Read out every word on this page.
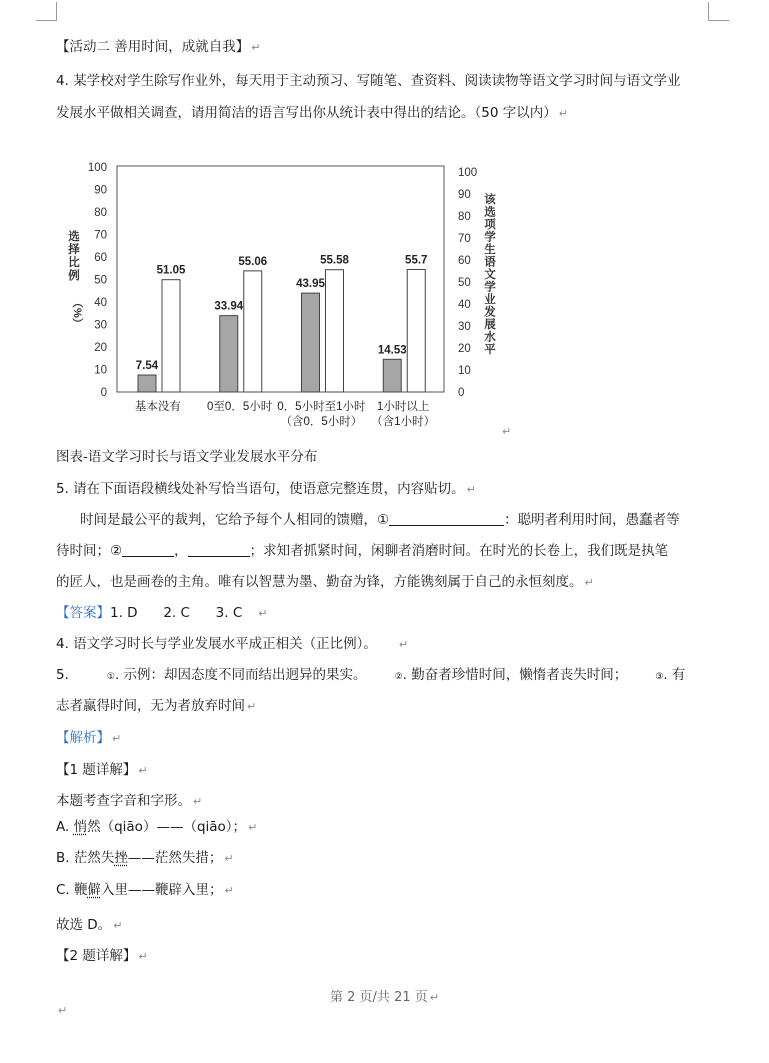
【活动二 善用时间，成就自我】 ↵
4. 某学校对学生除写作业外，每天用于主动预习、写随笔、查资料、阅读读物等语文学习时间与语文学业
发展水平做相关调查，请用简洁的语言写出你从统计表中得出的结论。（50 字以内） ↵
0
10
20
30
40
50
60
70
80
90
100
0
10
20
30
40
50
60
70
80
90
100
选
择
比
例
（%）
该
选
项
学
生
语
文
学
业
发
展
水
平
7.54
51.05
33.94
55.06
43.95
55.58
14.53
55.7
基本没有 0至0．5小时 0．5小时至1小时
（含0．5小时）
1小时以上
（含1小时）
图表-语文学习时长与语文学业发展水平分布
↵
5. 请在下面语段横线处补写恰当语句，使语意完整连贯，内容贴切。 ↵
时间是最公平的裁判，它给予每个人相同的馈赠，①	：聪明者利用时间，愚蠢者等
待时间；②	，	；求知者抓紧时间，闲聊者消磨时间。在时光的长卷上，我们既是执笔
的匠人，也是画卷的主角。唯有以智慧为墨、勤奋为锋，方能镌刻属于自己的永恒刻度。 ↵
【答案】1. D      2. C      3. C ↵
4. 语文学习时长与学业发展水平成正相关（正比例）。 ↵
5.	①. 示例：却因态度不同而结出迥异的果实。	②. 勤奋者珍惜时间，懒惰者丧失时间；	③. 有
志者赢得时间，无为者放弃时间 ↵
【解析】 ↵
【1 题详解】 ↵
本题考查字音和字形。 ↵
A. 悄然（qiāo）——（qiāo）； ↵
B. 茫然失挫——茫然失措； ↵
C. 鞭僻入里——鞭辟入里； ↵
故选 D。 ↵
【2 题详解】 ↵
第 2 页/共 21 页 ↵
↵
